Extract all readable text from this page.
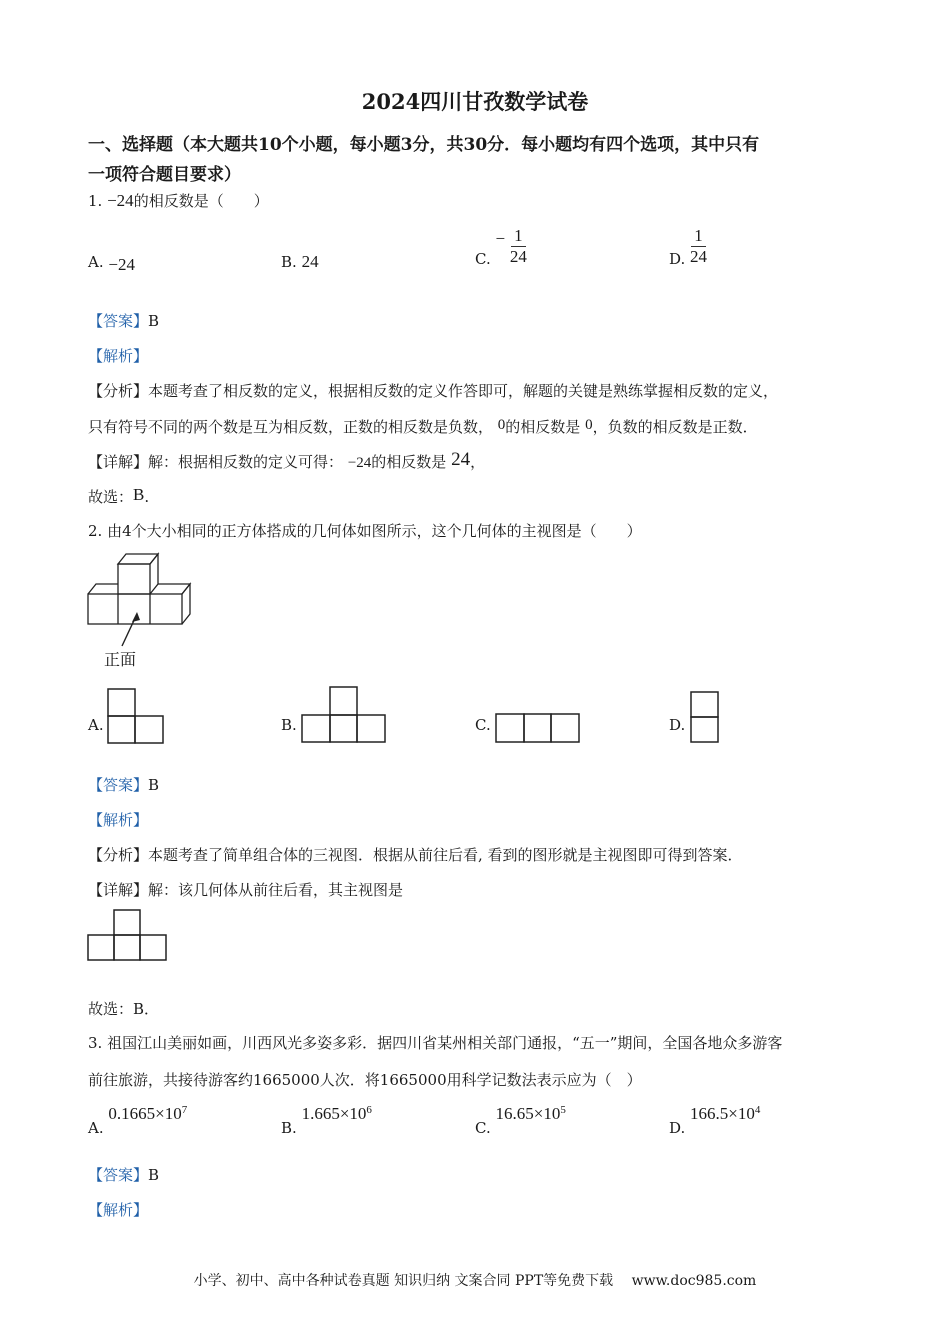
2024四川甘孜数学试卷
一、选择题（本大题共10个小题，每小题3分，共30分．每小题均有四个选项，其中只有
一项符合题目要求）
1. −24的相反数是（　　）
A. −24	B. 24	C. − $\frac{1}{24}$	D. $\frac{1}{24}$
【答案】B
【解析】
【分析】本题考查了相反数的定义，根据相反数的定义作答即可，解题的关键是熟练掌握相反数的定义，
只有符号不同的两个数是互为相反数，正数的相反数是负数， 0的相反数是 0，负数的相反数是正数．
【详解】解：根据相反数的定义可得： −24的相反数是 24，
故选：B.
2. 由4个大小相同的正方体搭成的几何体如图所示，这个几何体的主视图是（　　）
正面
A.	B.	C.	D.
【答案】B
【解析】
【分析】本题考查了简单组合体的三视图．根据从前往后看, 看到的图形就是主视图即可得到答案．
【详解】解：该几何体从前往后看，其主视图是
故选：B．
3. 祖国江山美丽如画，川西风光多姿多彩．据四川省某州相关部门通报，“五一”期间，全国各地众多游客
前往旅游，共接待游客约1665000人次．将1665000用科学记数法表示应为（　）
A. $0.1665\times 10^7$
B. $1.665\times 10^6$
C. $16.65\times 10^5$
D. $166.5\times 10^4$
【答案】B
【解析】
小学、初中、高中各种试卷真题 知识归纳 文案合同 PPT等免费下载　 www.doc985.com
